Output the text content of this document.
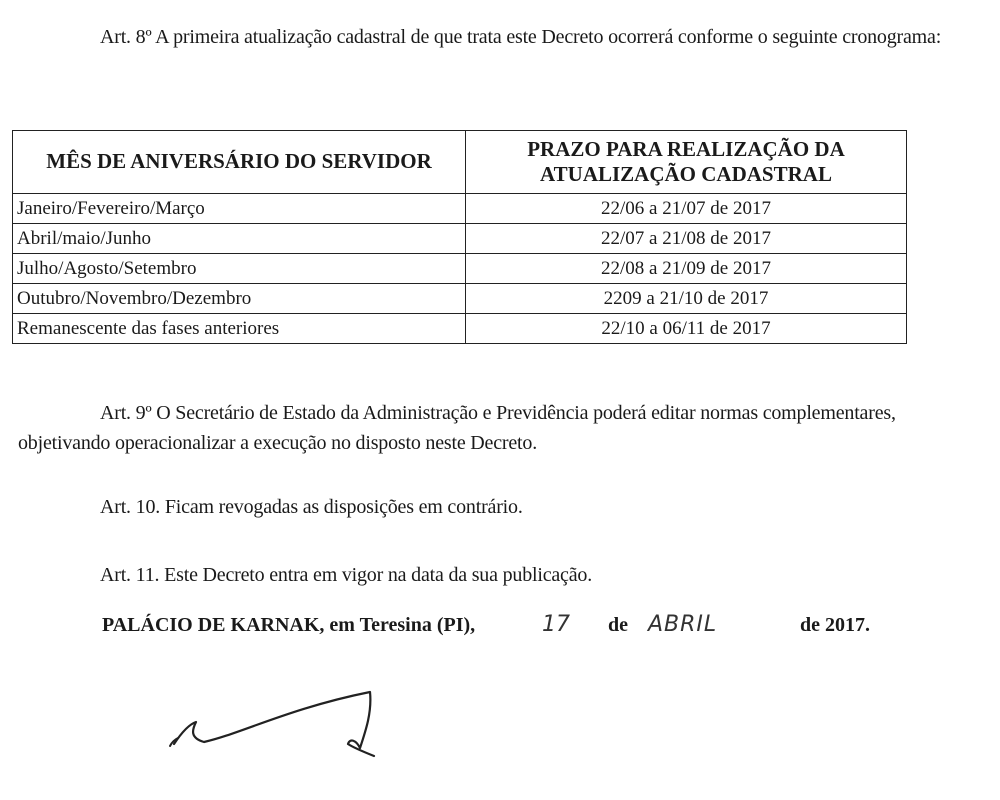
Art. 8º A primeira atualização cadastral de que trata este Decreto ocorrerá conforme o seguinte cronograma:
MÊS DE ANIVERSÁRIO DO SERVIDOR	PRAZO PARA REALIZAÇÃO DA ATUALIZAÇÃO CADASTRAL
Janeiro/Fevereiro/Março	22/06 a 21/07 de 2017
Abril/maio/Junho	22/07 a 21/08 de 2017
Julho/Agosto/Setembro	22/08 a 21/09 de 2017
Outubro/Novembro/Dezembro	2209 a 21/10 de 2017
Remanescente das fases anteriores	22/10 a 06/11 de 2017
Art. 9º O Secretário de Estado da Administração e Previdência poderá editar normas complementares, objetivando operacionalizar a execução no disposto neste Decreto.
Art. 10. Ficam revogadas as disposições em contrário.
Art. 11. Este Decreto entra em vigor na data da sua publicação.
PALÁCIO DE KARNAK, em Teresina (PI),	17 de ABRIL	de 2017.
